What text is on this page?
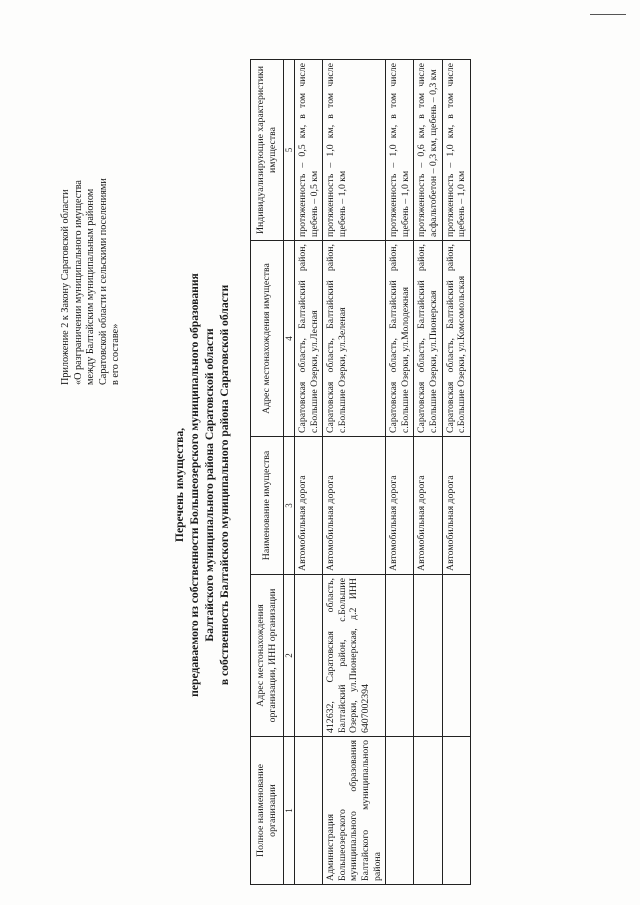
Приложение 2 к Закону Саратовской области «О разграничении муниципального имущества между Балтайским муниципальным районом Саратовской области и сельскими поселениями в его составе»
Перечень имущества, передаваемого из собственности Большеозерского муниципального образования Балтайского муниципального района Саратовской области в собственность Балтайского муниципального района Саратовской области
Полное наименование организации	Адрес местонахождения организации, ИНН организации	Наименование имущества	Адрес местонахождения имущества	Индивидуализирующие характеристики имущества
1	2	3	4	5
		Автомобильная дорога	Саратовская область, Балтайский район, с.Большие Озерки, ул.Лесная	протяженность – 0,5 км, в том числе щебень – 0,5 км
Администрация Большеозерского муниципального образования Балтайского муниципального района	412632, Саратовская область, Балтайский район, с.Большие Озерки, ул.Пионерская, д.2 ИНН 6407002394	Автомобильная дорога	Саратовская область, Балтайский район, с.Большие Озерки, ул.Зеленая	протяженность – 1,0 км, в том числе щебень – 1,0 км
		Автомобильная дорога	Саратовская область, Балтайский район, с.Большие Озерки, ул.Молодежная	протяженность – 1,0 км, в том числе щебень – 1,0 км
		Автомобильная дорога	Саратовская область, Балтайский район, с.Большие Озерки, ул.Пионерская	протяженность – 0,6 км, в том числе асфальтобетон – 0,3 км, щебень – 0,3 км
		Автомобильная дорога	Саратовская область, Балтайский район, с.Большие Озерки, ул.Комсомольская	протяженность – 1,0 км, в том числе щебень – 1,0 км
